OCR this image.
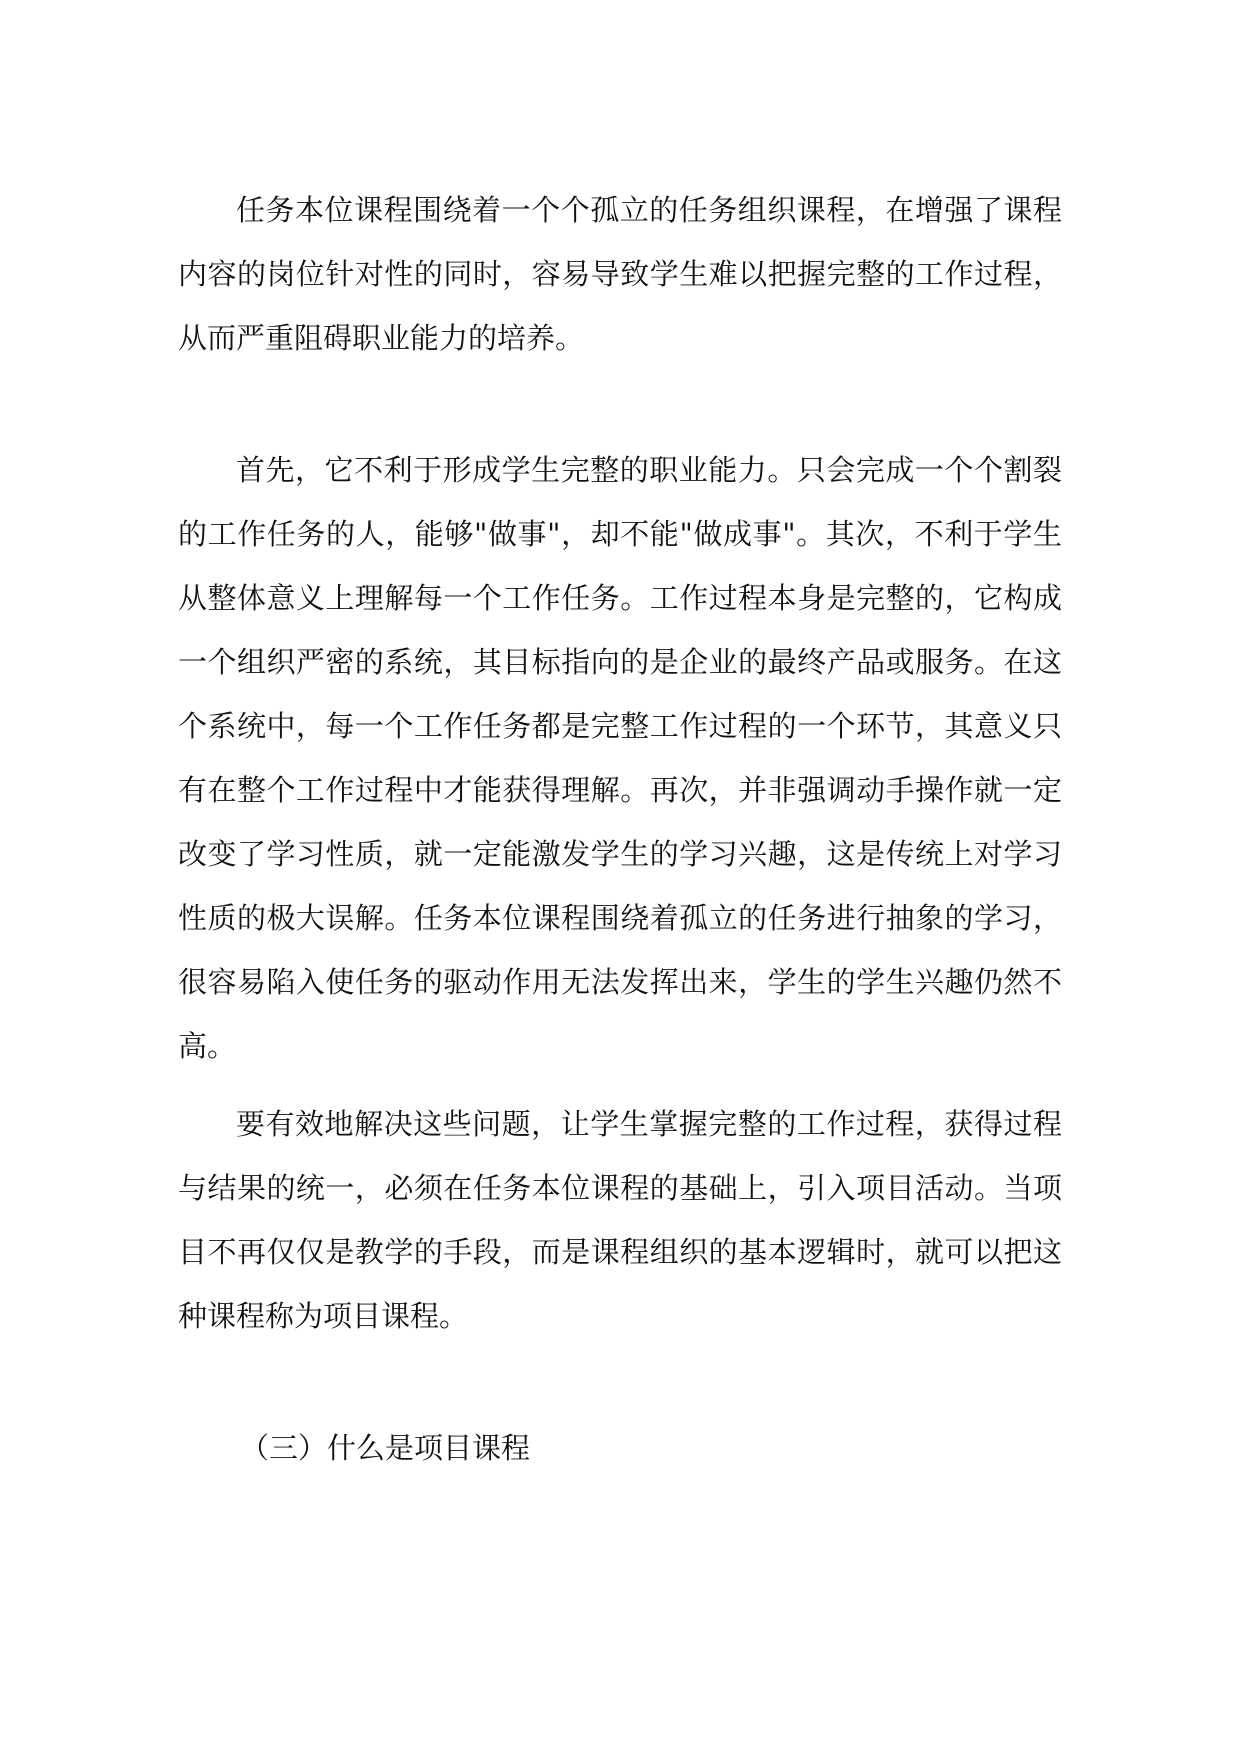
任务本位课程围绕着一个个孤立的任务组织课程，在增强了课程内容的岗位针对性的同时，容易导致学生难以把握完整的工作过程，从而严重阻碍职业能力的培养。

首先，它不利于形成学生完整的职业能力。只会完成一个个割裂的工作任务的人，能够"做事"，却不能"做成事"。其次，不利于学生从整体意义上理解每一个工作任务。工作过程本身是完整的，它构成一个组织严密的系统，其目标指向的是企业的最终产品或服务。在这个系统中，每一个工作任务都是完整工作过程的一个环节，其意义只有在整个工作过程中才能获得理解。再次，并非强调动手操作就一定改变了学习性质，就一定能激发学生的学习兴趣，这是传统上对学习性质的极大误解。任务本位课程围绕着孤立的任务进行抽象的学习，很容易陷入使任务的驱动作用无法发挥出来，学生的学生兴趣仍然不高。

要有效地解决这些问题，让学生掌握完整的工作过程，获得过程与结果的统一，必须在任务本位课程的基础上，引入项目活动。当项目不再仅仅是教学的手段，而是课程组织的基本逻辑时，就可以把这种课程称为项目课程。

（三）什么是项目课程
